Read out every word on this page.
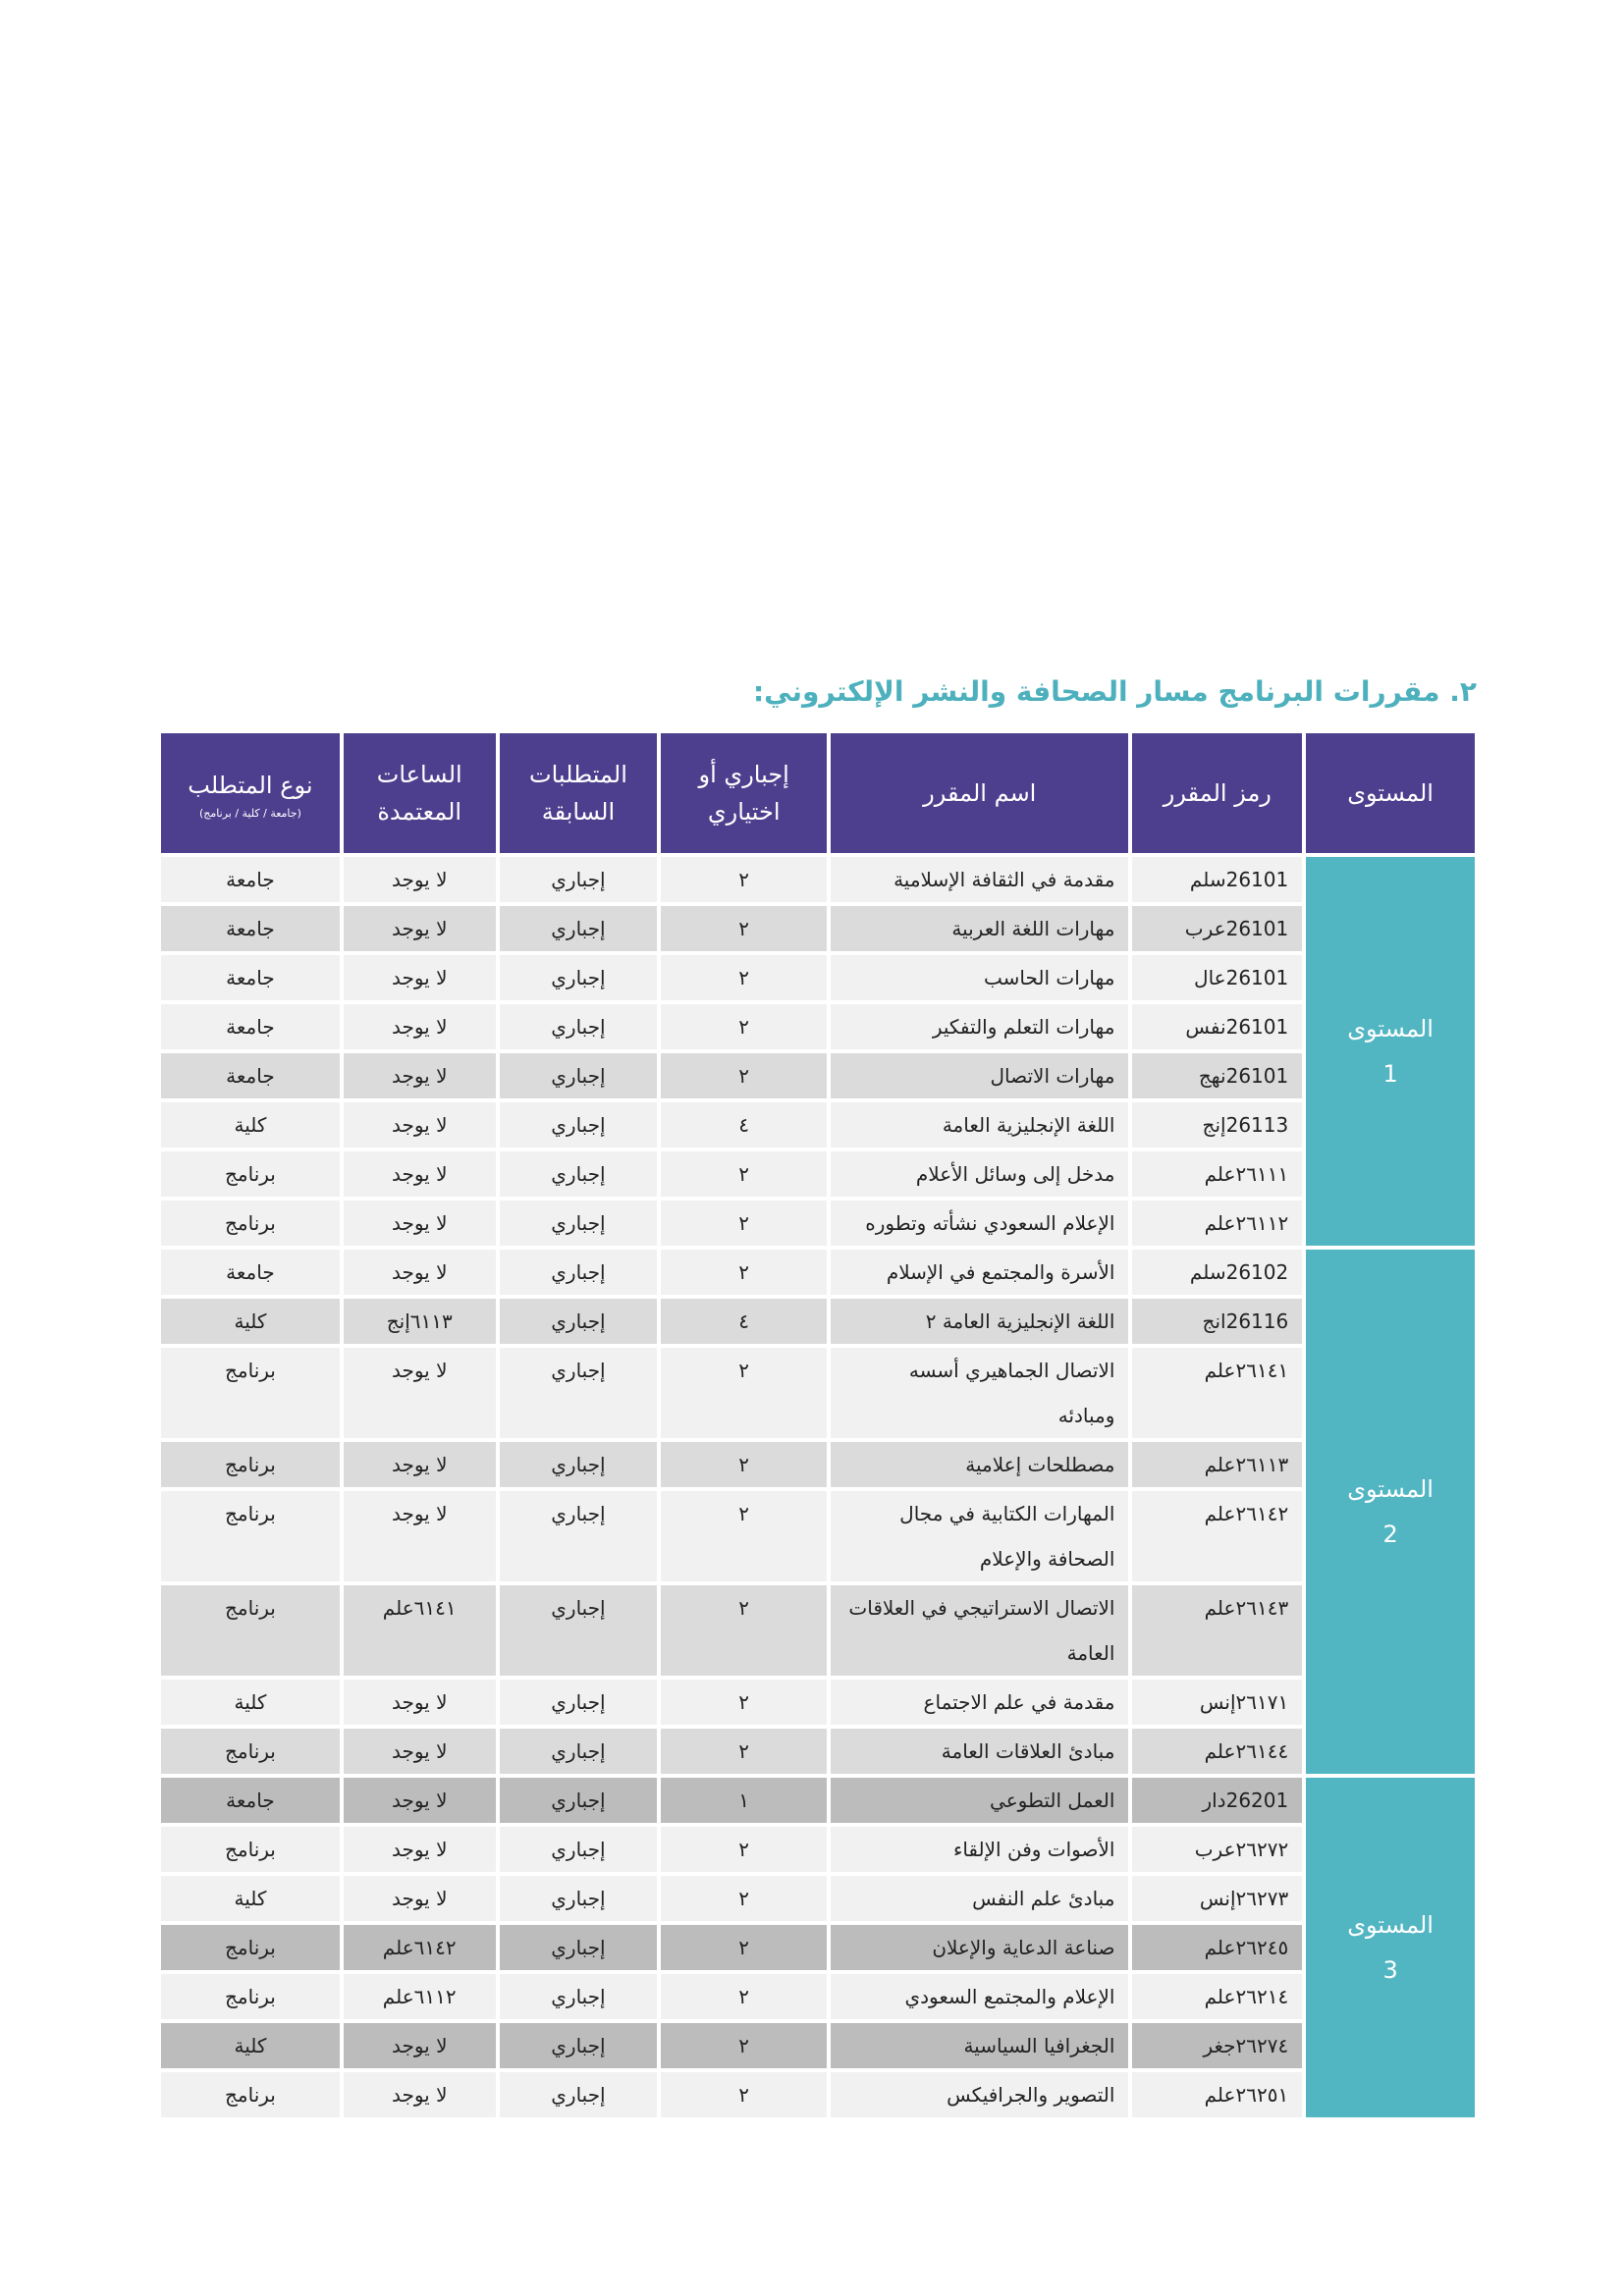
٢. مقررات البرنامج مسار الصحافة والنشر الإلكتروني:
المستوى	رمز المقرر	اسم المقرر	إجباري أو اختياري	المتطلبات السابقة	الساعات المعتمدة	نوع المتطلب
(جامعة / كلية / برنامج)

المستوى
1	26101سلم	مقدمة في الثقافة الإسلامية	٢	إجباري	لا يوجد	جامعة
	26101عرب	مهارات اللغة العربية	٢	إجباري	لا يوجد	جامعة
	26101عال	مهارات الحاسب	٢	إجباري	لا يوجد	جامعة
	26101نفس	مهارات التعلم والتفكير	٢	إجباري	لا يوجد	جامعة
	26101نهج	مهارات الاتصال	٢	إجباري	لا يوجد	جامعة
	26113إنج	اللغة الإنجليزية العامة	٤	إجباري	لا يوجد	كلية
	٢٦١١١علم	مدخل إلى وسائل الأعلام	٢	إجباري	لا يوجد	برنامج
	٢٦١١٢علم	الإعلام السعودي نشأته وتطوره	٢	إجباري	لا يوجد	برنامج

المستوى
2	26102سلم	الأسرة والمجتمع في الإسلام	٢	إجباري	لا يوجد	جامعة
	26116انج	اللغة الإنجليزية العامة ٢	٤	إجباري	٦١١٣إنج	كلية
	٢٦١٤١علم	الاتصال الجماهيري أسسه
ومبادئه	٢	إجباري	لا يوجد	برنامج
	٢٦١١٣علم	مصطلحات إعلامية	٢	إجباري	لا يوجد	برنامج
	٢٦١٤٢علم	المهارات الكتابية في مجال
الصحافة والإعلام	٢	إجباري	لا يوجد	برنامج
	٢٦١٤٣علم	الاتصال الاستراتيجي في العلاقات
العامة	٢	إجباري	٦١٤١علم	برنامج
	٢٦١٧١إنس	مقدمة في علم الاجتماع	٢	إجباري	لا يوجد	كلية
	٢٦١٤٤علم	مبادئ العلاقات العامة	٢	إجباري	لا يوجد	برنامج

المستوى
3	26201دار	العمل التطوعي	١	إجباري	لا يوجد	جامعة
	٢٦٢٧٢عرب	الأصوات وفن الإلقاء	٢	إجباري	لا يوجد	برنامج
	٢٦٢٧٣إنس	مبادئ علم النفس	٢	إجباري	لا يوجد	كلية
	٢٦٢٤٥علم	صناعة الدعاية والإعلان	٢	إجباري	٦١٤٢علم	برنامج
	٢٦٢١٤علم	الإعلام والمجتمع السعودي	٢	إجباري	٦١١٢علم	برنامج
	٢٦٢٧٤جغر	الجغرافيا السياسية	٢	إجباري	لا يوجد	كلية
	٢٦٢٥١علم	التصوير والجرافيكس	٢	إجباري	لا يوجد	برنامج
